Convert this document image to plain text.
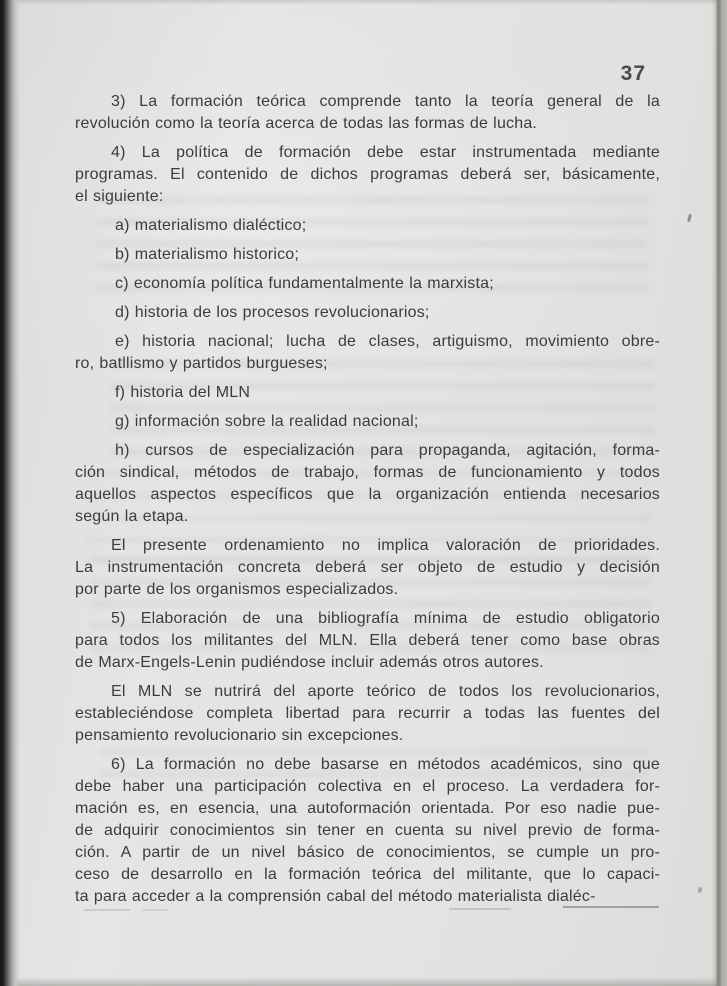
37

3) La formación teórica comprende tanto la teoría general de la
revolución como la teoría acerca de todas las formas de lucha.

4) La política de formación debe estar instrumentada mediante
programas. El contenido de dichos programas deberá ser, básicamente,
el siguiente:

a) materialismo dialéctico;

b) materialismo historico;

c) economía política fundamentalmente la marxista;

d) historia de los procesos revolucionarios;

e) historia nacional; lucha de clases, artiguismo, movimiento obre-
ro, batllismo y partidos burgueses;

f) historia del MLN

g) información sobre la realidad nacional;

h) cursos de especialización para propaganda, agitación, forma-
ción sindical, métodos de trabajo, formas de funcionamiento y todos
aquellos aspectos específicos que la organización entienda necesarios
según la etapa.

El presente ordenamiento no implica valoración de prioridades.
La instrumentación concreta deberá ser objeto de estudio y decisión
por parte de los organismos especializados.

5) Elaboración de una bibliografía mínima de estudio obligatorio
para todos los militantes del MLN. Ella deberá tener como base obras
de Marx-Engels-Lenin pudiéndose incluir además otros autores.

El MLN se nutrirá del aporte teórico de todos los revolucionarios,
estableciéndose completa libertad para recurrir a todas las fuentes del
pensamiento revolucionario sin excepciones.

6) La formación no debe basarse en métodos académicos, sino que
debe haber una participación colectiva en el proceso. La verdadera for-
mación es, en esencia, una autoformación orientada. Por eso nadie pue-
de adquirir conocimientos sin tener en cuenta su nivel previo de forma-
ción. A partir de un nivel básico de conocimientos, se cumple un pro-
ceso de desarrollo en la formación teórica del militante, que lo capaci-
ta para acceder a la comprensión cabal del método materialista dialéc-
